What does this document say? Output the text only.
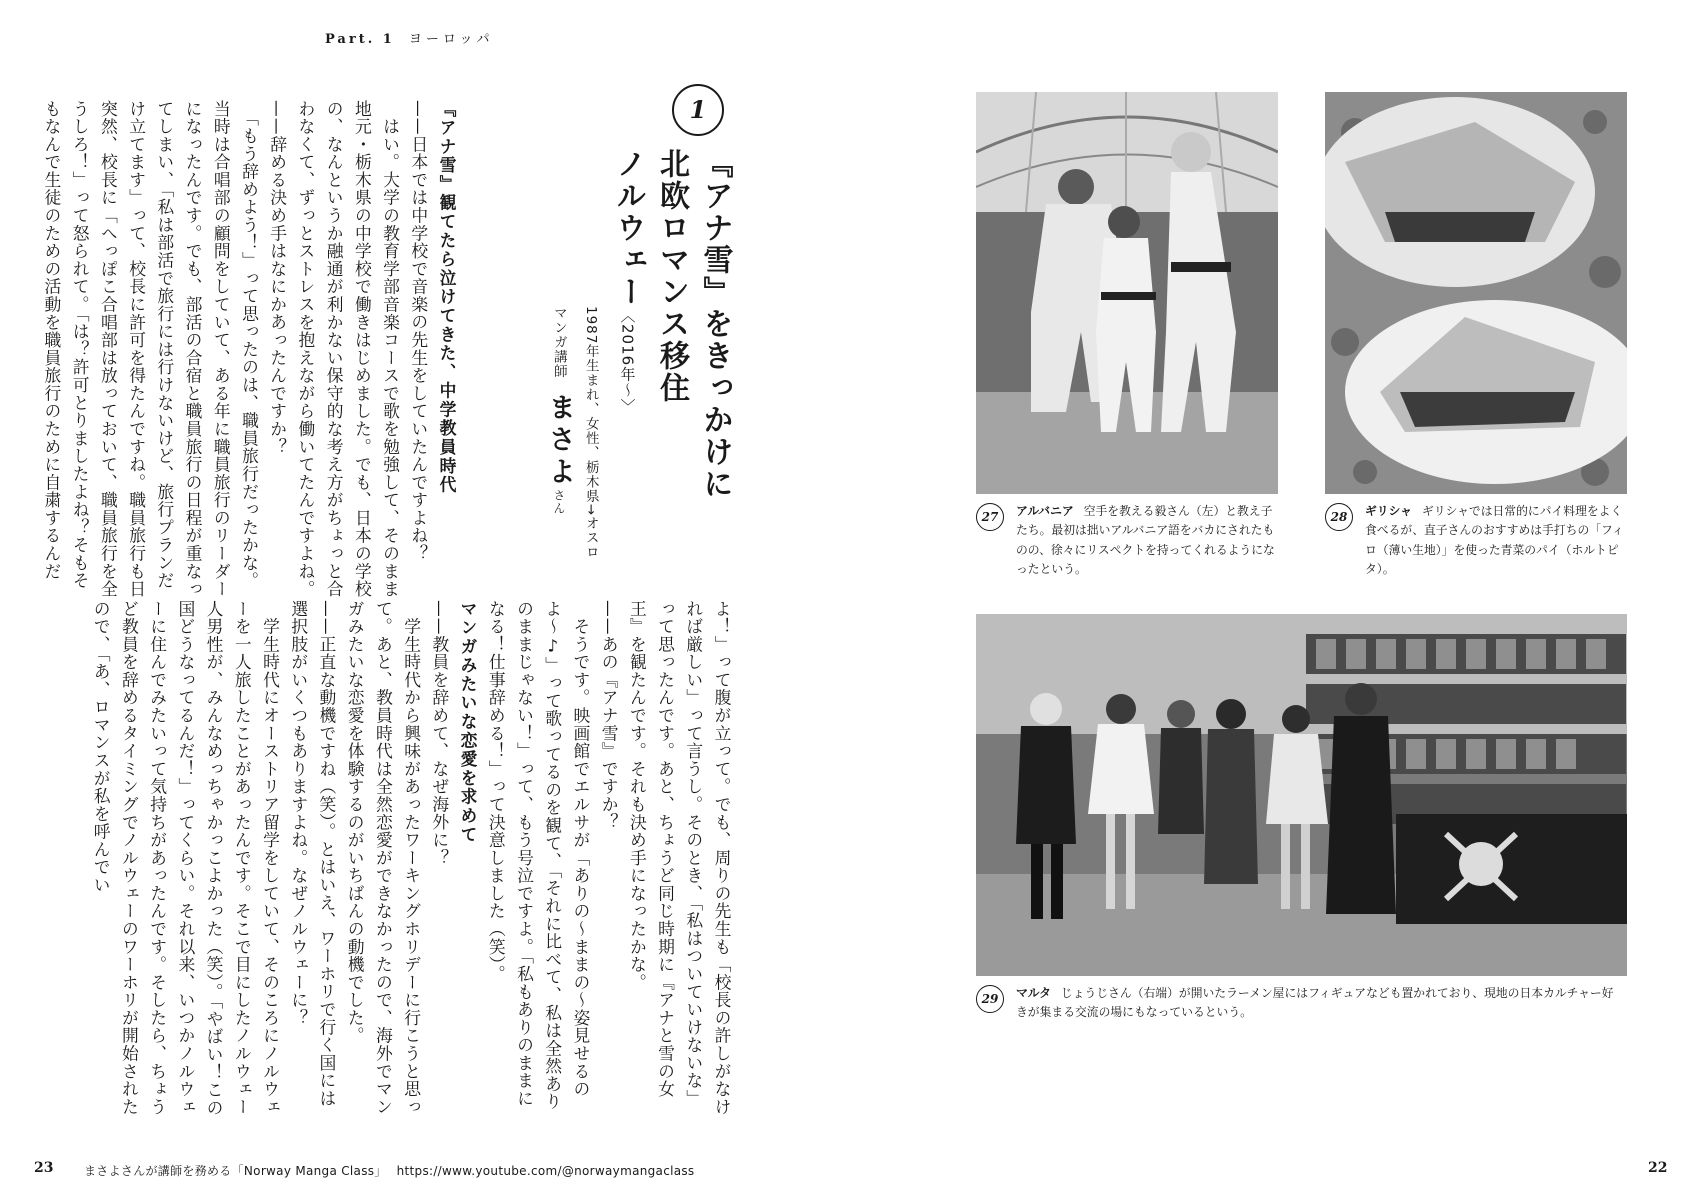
Part. 1 ヨーロッパ
1
『アナ雪』をきっかけに
北欧ロマンス移住
ノルウェー〈2016年〜〉
1987年生まれ、女性、栃木県→オスロ
マンガ講師　まさよさん
『アナ雪』観てたら泣けてきた、中学教員時代
——日本では中学校で音楽の先生をしていたんですよね？
　はい。大学の教育学部音楽コースで歌を勉強して、そのまま地元・栃木県の中学校で働きはじめました。でも、日本の学校の、なんというか融通が利かない保守的な考え方がちょっと合わなくて、ずっとストレスを抱えながら働いてたんですよね。
——辞める決め手はなにかあったんですか？
　「もう辞めよう！」って思ったのは、職員旅行だったかな。当時は合唱部の顧問をしていて、ある年に職員旅行のリーダーになったんです。でも、部活の合宿と職員旅行の日程が重なってしまい、「私は部活で旅行には行けないけど、旅行プランだけ立てます」って、校長に許可を得たんですね。職員旅行も日突然、校長に「へっぽこ合唱部は放っておいて、職員旅行を全うしろ！」って怒られて。「は？許可とりましたよね？そもそもなんで生徒のための活動を職員旅行のために自粛するんだ
よ！」って腹が立って。でも、周りの先生も「校長の許しがなければ厳しい」って言うし。そのとき、「私はついていけないな」って思ったんです。あと、ちょうど同じ時期に『アナと雪の女王』を観たんです。それも決め手になったかな。
——あの『アナ雪』ですか？
　そうです。映画館でエルサが「ありの〜ままの〜姿見せるのよ〜♪」って歌ってるのを観て、「それに比べて、私は全然ありのままじゃない！」って、もう号泣ですよ。「私もありのままになる！仕事辞める！」って決意しました（笑）。
マンガみたいな恋愛を求めて
——教員を辞めて、なぜ海外に？
　学生時代から興味があったワーキングホリデーに行こうと思って。あと、教員時代は全然恋愛ができなかったので、海外でマンガみたいな恋愛を体験するのがいちばんの動機でした。
——正直な動機ですね（笑）。とはいえ、ワーホリで行く国には選択肢がいくつもありますよね。なぜノルウェーに？
　学生時代にオーストリア留学をしていて、そのころにノルウェーを一人旅したことがあったんです。そこで目にしたノルウェー人男性が、みんなめっちゃかっこよかった（笑）。「やばい！この国どうなってるんだ！」ってくらい。それ以来、いつかノルウェーに住んでみたいって気持ちがあったんです。そしたら、ちょうど教員を辞めるタイミングでノルウェーのワーホリが開始されたので、「あ、ロマンスが私を呼んでい
23	まさよさんが講師を務める「Norway Manga Class」 https://www.youtube.com/@norwaymangaclass
27	アルバニア 空手を教える毅さん（左）と教え子たち。最初は拙いアルバニア語をバカにされたものの、徐々にリスペクトを持ってくれるようになったという。
28	ギリシャ ギリシャでは日常的にパイ料理をよく食べるが、直子さんのおすすめは手打ちの「フィロ（薄い生地）」を使った青菜のパイ（ホルトピタ）。
29	マルタ じょうじさん（右端）が開いたラーメン屋にはフィギュアなども置かれており、現地の日本カルチャー好きが集まる交流の場にもなっているという。
22
